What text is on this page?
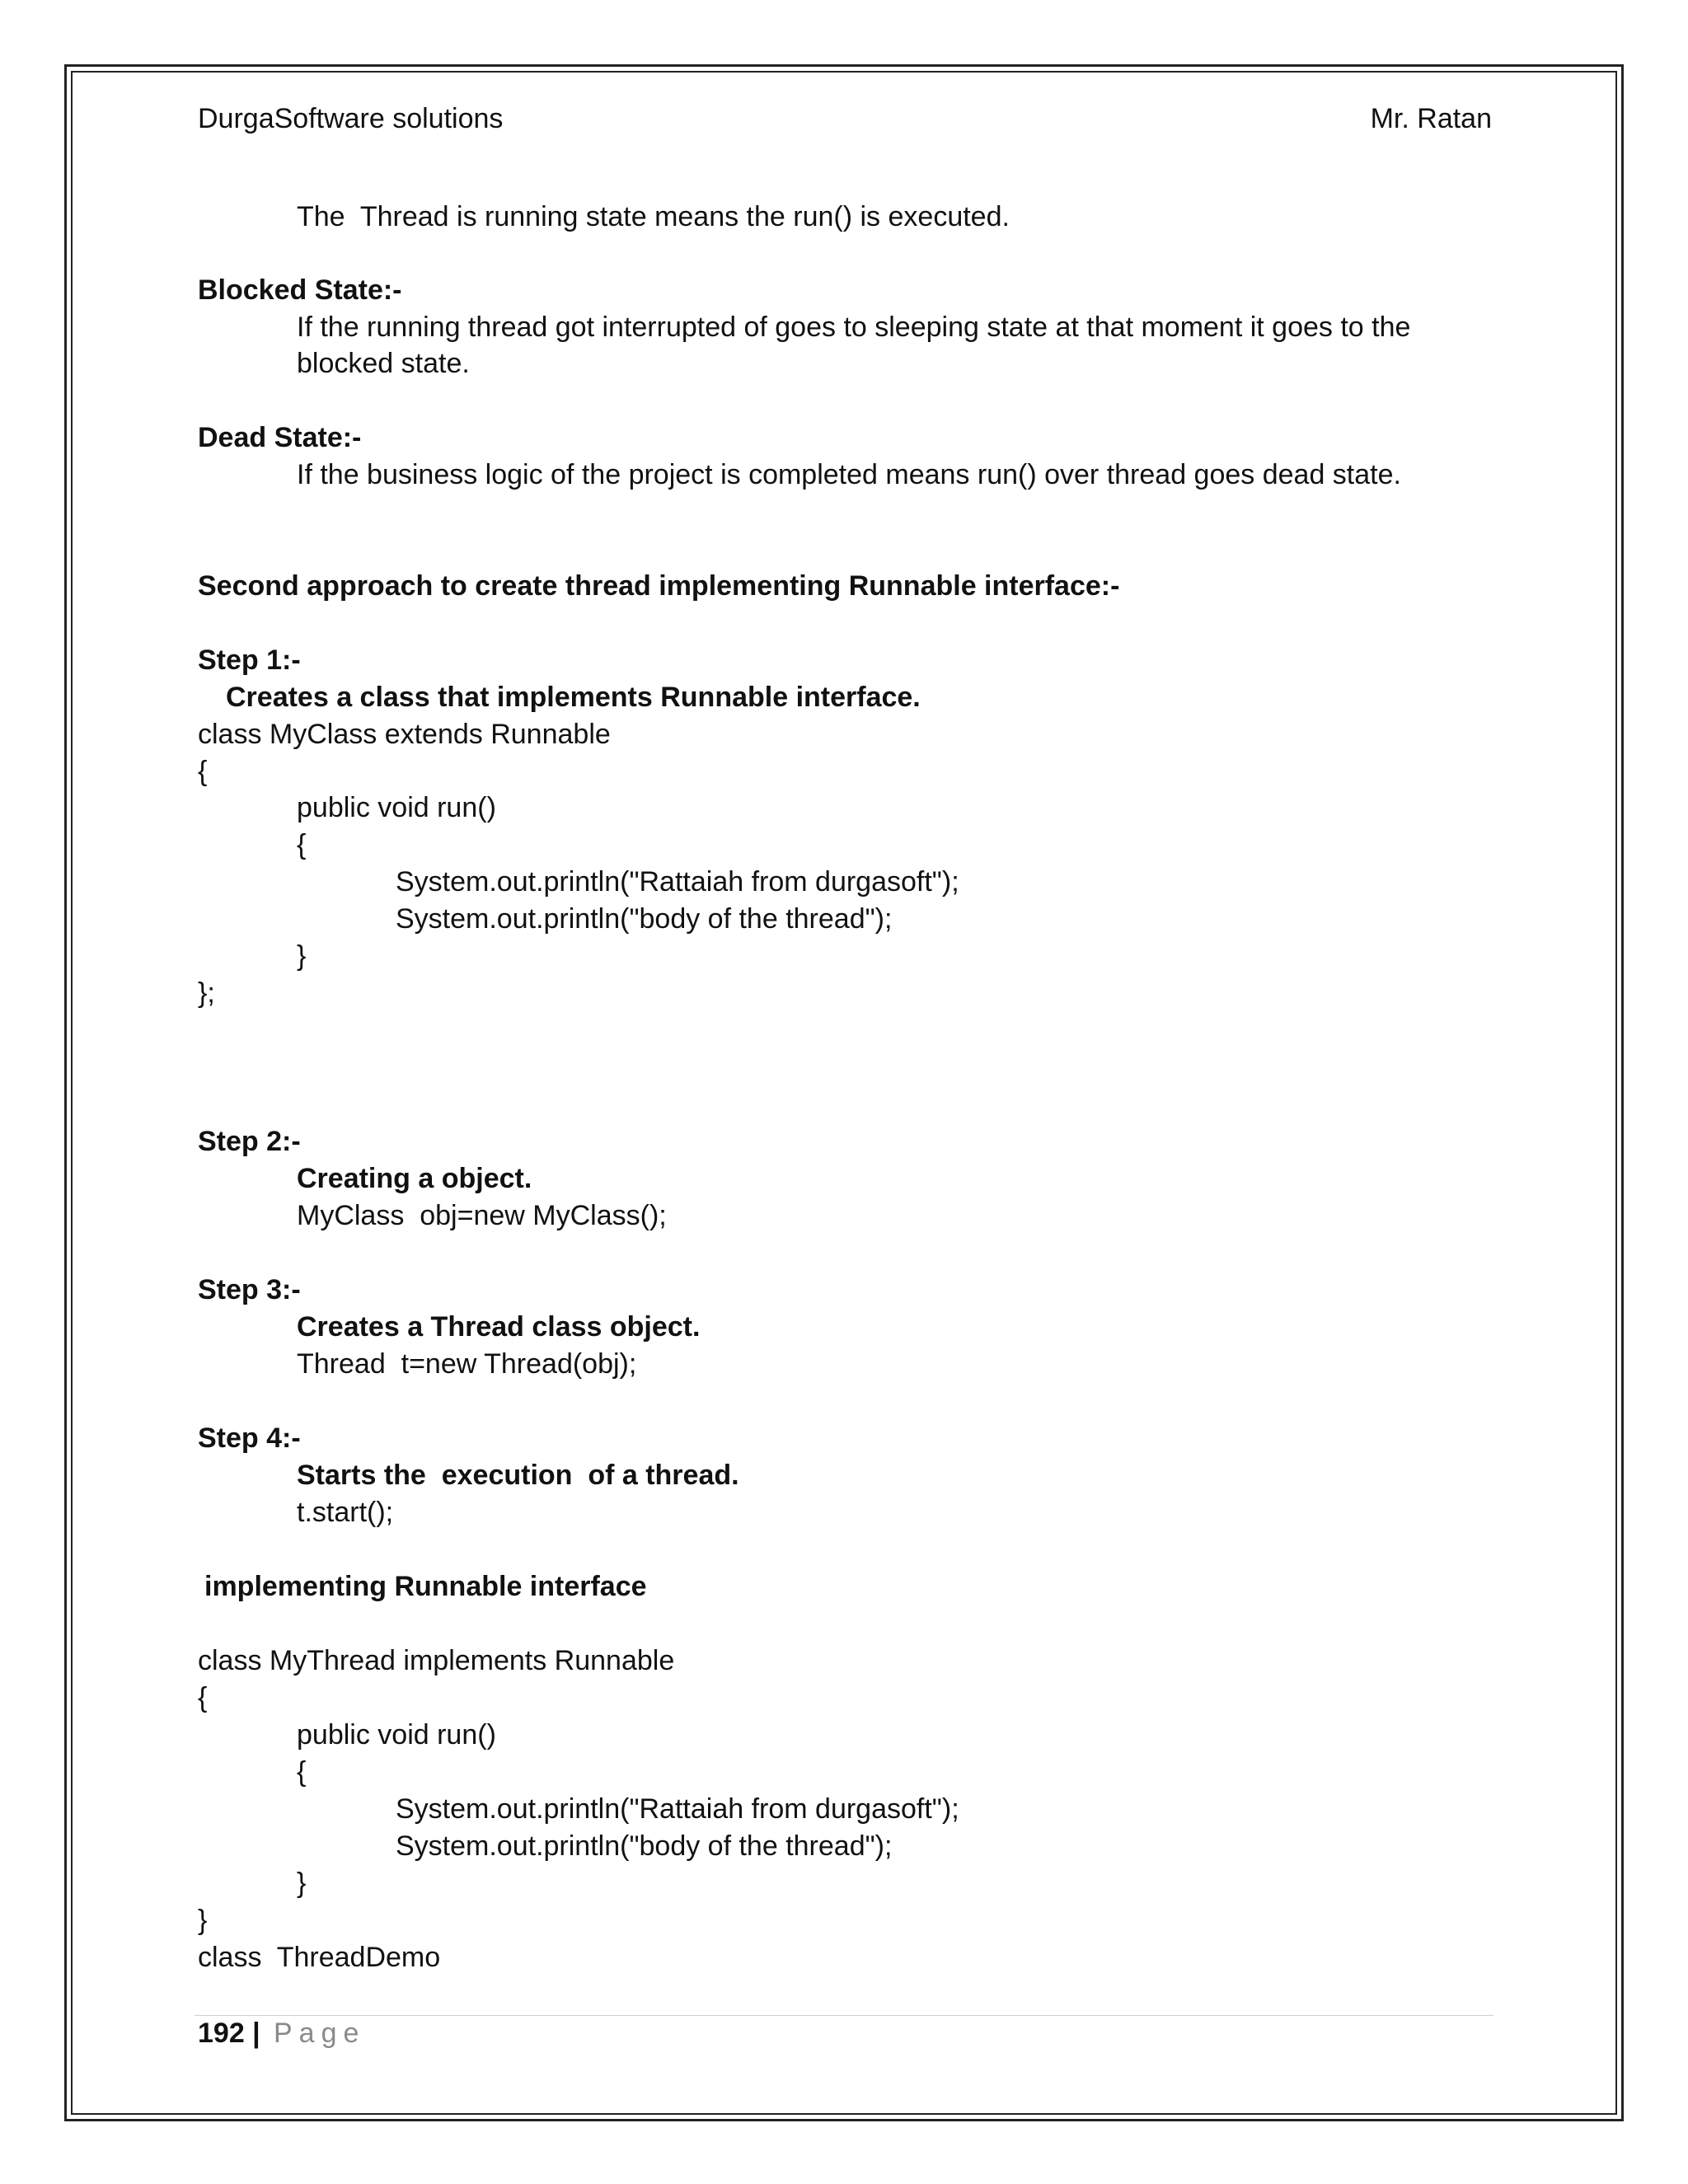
DurgaSoftware solutions	Mr. Ratan
The  Thread is running state means the run() is executed.
Blocked State:-
If the running thread got interrupted of goes to sleeping state at that moment it goes to the
blocked state.
Dead State:-
If the business logic of the project is completed means run() over thread goes dead state.
Second approach to create thread implementing Runnable interface:-
Step 1:-
Creates a class that implements Runnable interface.
class MyClass extends Runnable
{
public void run()
{
System.out.println("Rattaiah from durgasoft");
System.out.println("body of the thread");
}
};
Step 2:-
Creating a object.
MyClass  obj=new MyClass();
Step 3:-
Creates a Thread class object.
Thread  t=new Thread(obj);
Step 4:-
Starts the  execution  of a thread.
t.start();
implementing Runnable interface
class MyThread implements Runnable
{
public void run()
{
System.out.println("Rattaiah from durgasoft");
System.out.println("body of the thread");
}
}
class  ThreadDemo
192 | Page
